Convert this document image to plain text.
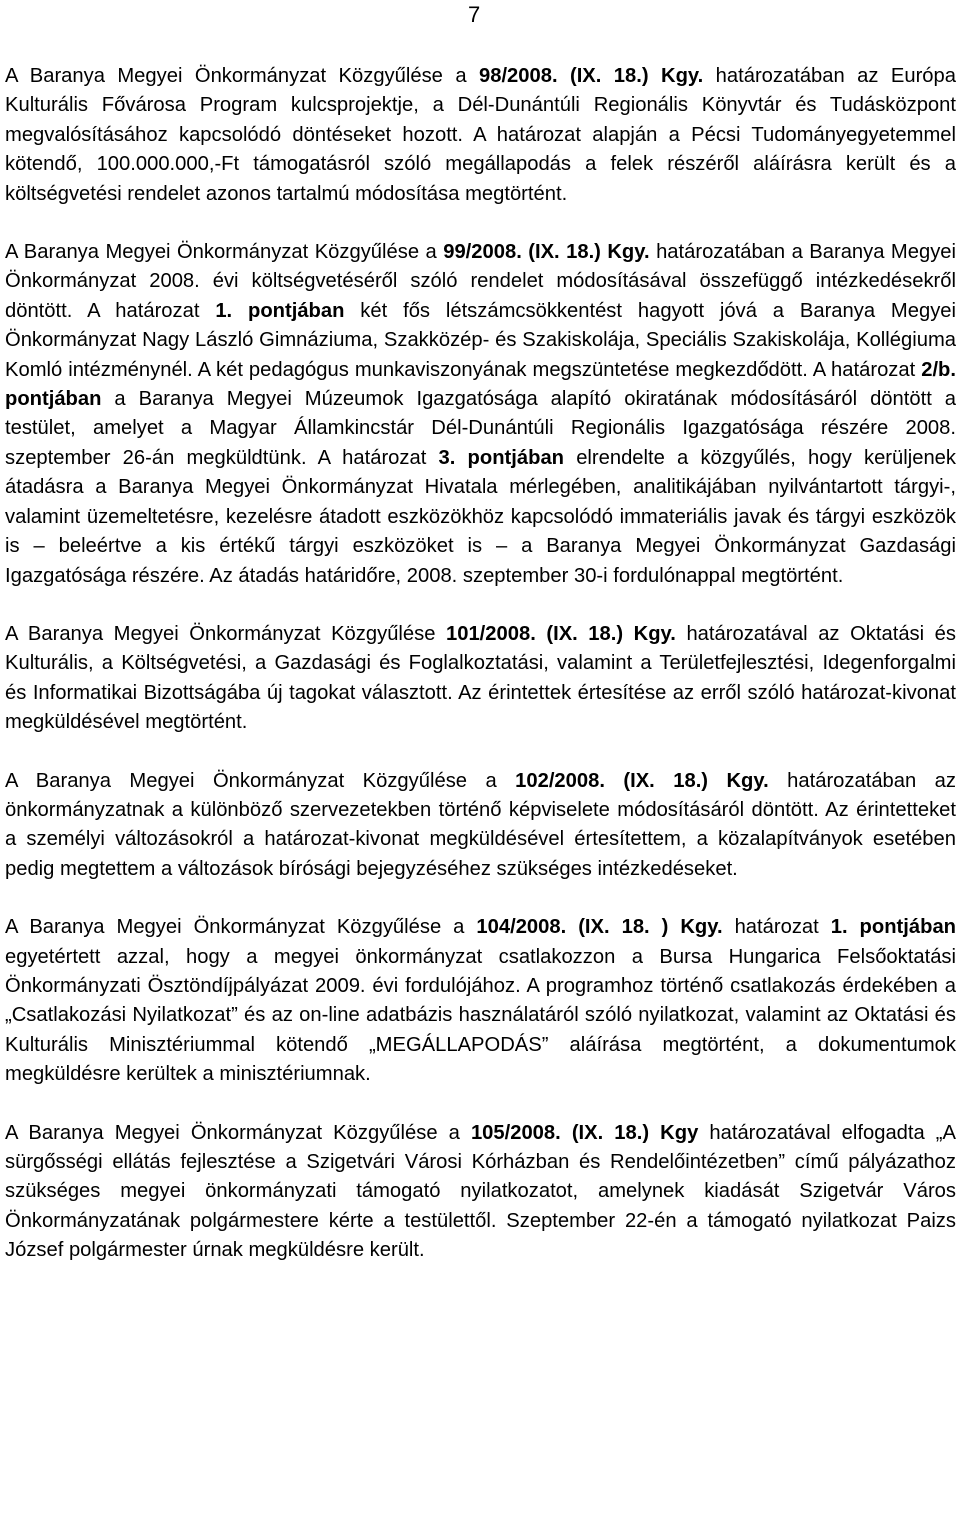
7

A Baranya Megyei Önkormányzat Közgyűlése a 98/2008. (IX. 18.) Kgy. határozatában az Európa Kulturális Fővárosa Program kulcsprojektje, a Dél-Dunántúli Regionális Könyvtár és Tudásközpont megvalósításához kapcsolódó döntéseket hozott. A határozat alapján a Pécsi Tudományegyetemmel kötendő, 100.000.000,-Ft támogatásról szóló megállapodás a felek részéről aláírásra került és a költségvetési rendelet azonos tartalmú módosítása megtörtént.

A Baranya Megyei Önkormányzat Közgyűlése a 99/2008. (IX. 18.) Kgy. határozatában a Baranya Megyei Önkormányzat 2008. évi költségvetéséről szóló rendelet módosításával összefüggő intézkedésekről döntött. A határozat 1. pontjában két fős létszámcsökkentést hagyott jóvá a Baranya Megyei Önkormányzat Nagy László Gimnáziuma, Szakközép- és Szakiskolája, Speciális Szakiskolája, Kollégiuma Komló intézménynél. A két pedagógus munkaviszonyának megszüntetése megkezdődött. A határozat 2/b. pontjában a Baranya Megyei Múzeumok Igazgatósága alapító okiratának módosításáról döntött a testület, amelyet a Magyar Államkincstár Dél-Dunántúli Regionális Igazgatósága részére 2008. szeptember 26-án megküldtünk. A határozat 3. pontjában elrendelte a közgyűlés, hogy kerüljenek átadásra a Baranya Megyei Önkormányzat Hivatala mérlegében, analitikájában nyilvántartott tárgyi-, valamint üzemeltetésre, kezelésre átadott eszközökhöz kapcsolódó immateriális javak és tárgyi eszközök is – beleértve a kis értékű tárgyi eszközöket is – a Baranya Megyei Önkormányzat Gazdasági Igazgatósága részére. Az átadás határidőre, 2008. szeptember 30-i fordulónappal megtörtént.

A Baranya Megyei Önkormányzat Közgyűlése 101/2008. (IX. 18.) Kgy. határozatával az Oktatási és Kulturális, a Költségvetési, a Gazdasági és Foglalkoztatási, valamint a Területfejlesztési, Idegenforgalmi és Informatikai Bizottságába új tagokat választott. Az érintettek értesítése az erről szóló határozat-kivonat megküldésével megtörtént.

A Baranya Megyei Önkormányzat Közgyűlése a 102/2008. (IX. 18.) Kgy. határozatában az önkormányzatnak a különböző szervezetekben történő képviselete módosításáról döntött. Az érintetteket a személyi változásokról a határozat-kivonat megküldésével értesítettem, a közalapítványok esetében pedig megtettem a változások bírósági bejegyzéséhez szükséges intézkedéseket.

A Baranya Megyei Önkormányzat Közgyűlése a 104/2008. (IX. 18. ) Kgy. határozat 1. pontjában egyetértett azzal, hogy a megyei önkormányzat csatlakozzon a Bursa Hungarica Felsőoktatási Önkormányzati Ösztöndíjpályázat 2009. évi fordulójához. A programhoz történő csatlakozás érdekében a „Csatlakozási Nyilatkozat” és az on-line adatbázis használatáról szóló nyilatkozat, valamint az Oktatási és Kulturális Minisztériummal kötendő „MEGÁLLAPODÁS” aláírása megtörtént, a dokumentumok megküldésre kerültek a minisztériumnak.

A Baranya Megyei Önkormányzat Közgyűlése a 105/2008. (IX. 18.) Kgy határozatával elfogadta „A sürgősségi ellátás fejlesztése a Szigetvári Városi Kórházban és Rendelőintézetben” című pályázathoz szükséges megyei önkormányzati támogató nyilatkozatot, amelynek kiadását Szigetvár Város Önkormányzatának polgármestere kérte a testülettől. Szeptember 22-én a támogató nyilatkozat Paizs József polgármester úrnak megküldésre került.
